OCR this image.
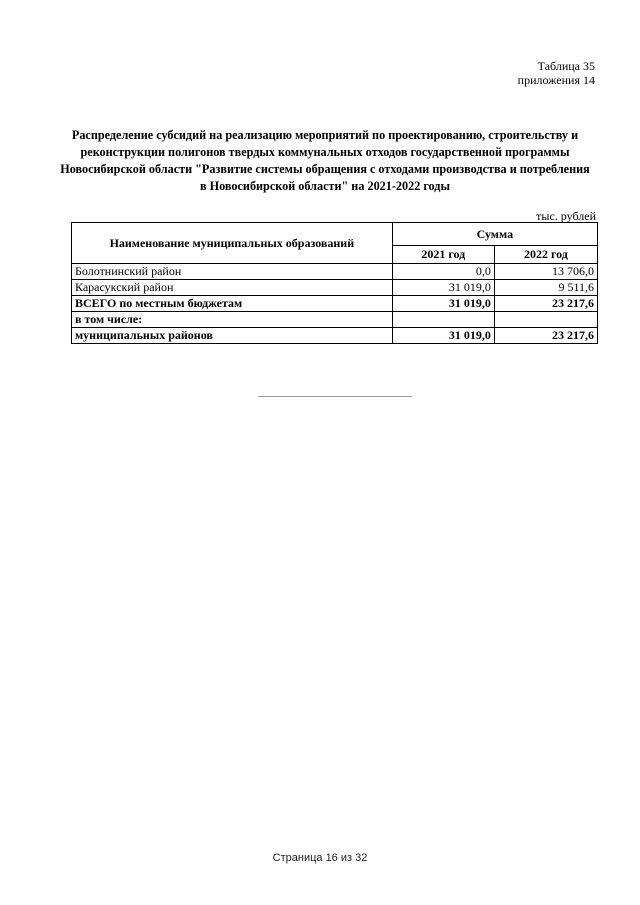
Таблица 35
приложения 14
Распределение субсидий на реализацию мероприятий по проектированию, строительству и реконструкции полигонов твердых коммунальных отходов государственной программы Новосибирской области "Развитие системы обращения с отходами производства и потребления в Новосибирской области" на 2021-2022 годы
тыс. рублей
Наименование муниципальных образований	Сумма	
	2021 год	2022 год
Болотнинский район	0,0	13 706,0
Карасукский район	31 019,0	9 511,6
ВСЕГО по местным бюджетам	31 019,0	23 217,6
в том числе:		
муниципальных районов	31 019,0	23 217,6
Страница 16 из 32
